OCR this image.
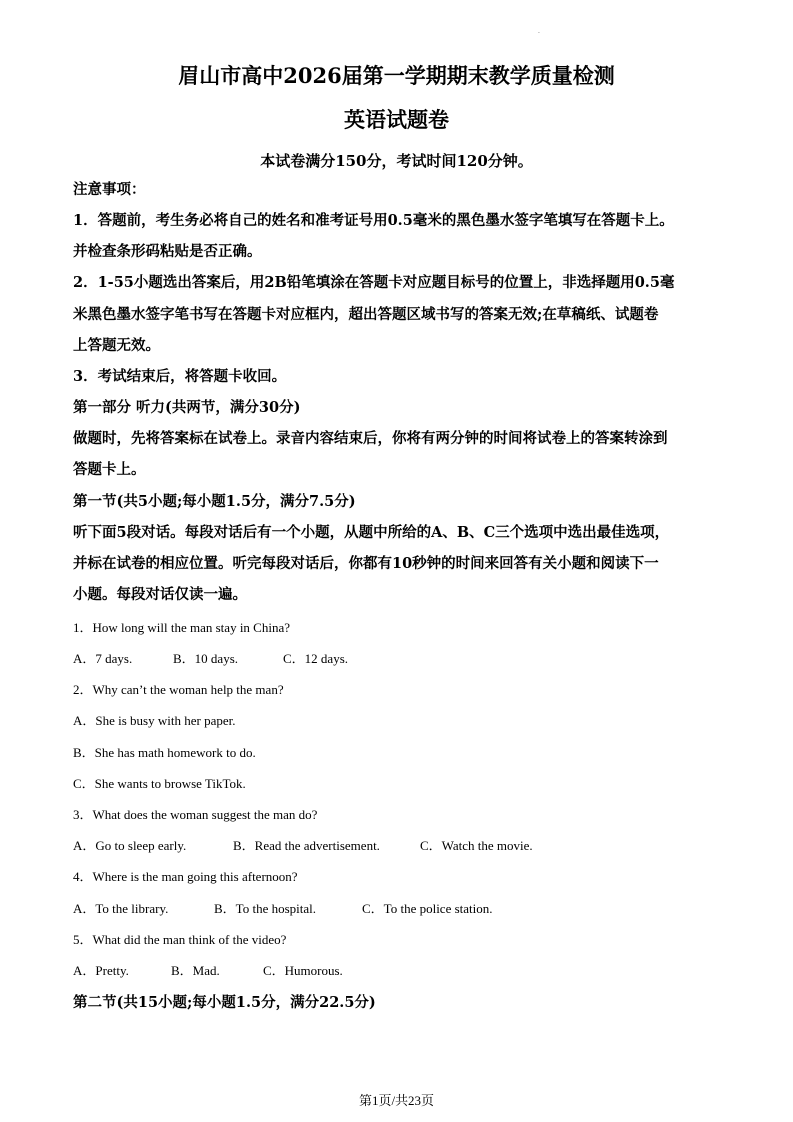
·
眉山市高中2026届第一学期期末教学质量检测
英语试题卷
本试卷满分150分，考试时间120分钟。
注意事项：
1．答题前，考生务必将自己的姓名和准考证号用0.5毫米的黑色墨水签字笔填写在答题卡上。
并检查条形码粘贴是否正确。
2．1-55小题选出答案后，用2B铅笔填涂在答题卡对应题目标号的位置上，非选择题用0.5毫
米黑色墨水签字笔书写在答题卡对应框内，超出答题区域书写的答案无效;在草稿纸、试题卷
上答题无效。
3．考试结束后，将答题卡收回。
第一部分 听力(共两节，满分30分)
做题时，先将答案标在试卷上。录音内容结束后，你将有两分钟的时间将试卷上的答案转涂到
答题卡上。
第一节(共5小题;每小题1.5分，满分7.5分)
听下面5段对话。每段对话后有一个小题，从题中所给的A、B、C三个选项中选出最佳选项，
并标在试卷的相应位置。听完每段对话后，你都有10秒钟的时间来回答有关小题和阅读下一
小题。每段对话仅读一遍。
1．How long will the man stay in China?
A．7 days.	B．10 days.	C．12 days.
2．Why can’t the woman help the man?
A．She is busy with her paper.
B．She has math homework to do.
C．She wants to browse TikTok.
3．What does the woman suggest the man do?
A．Go to sleep early.	B．Read the advertisement.	C．Watch the movie.
4．Where is the man going this afternoon?
A．To the library.	B．To the hospital.	C．To the police station.
5．What did the man think of the video?
A．Pretty.	B．Mad.	C．Humorous.
第二节(共15小题;每小题1.5分，满分22.5分)
第1页/共23页
